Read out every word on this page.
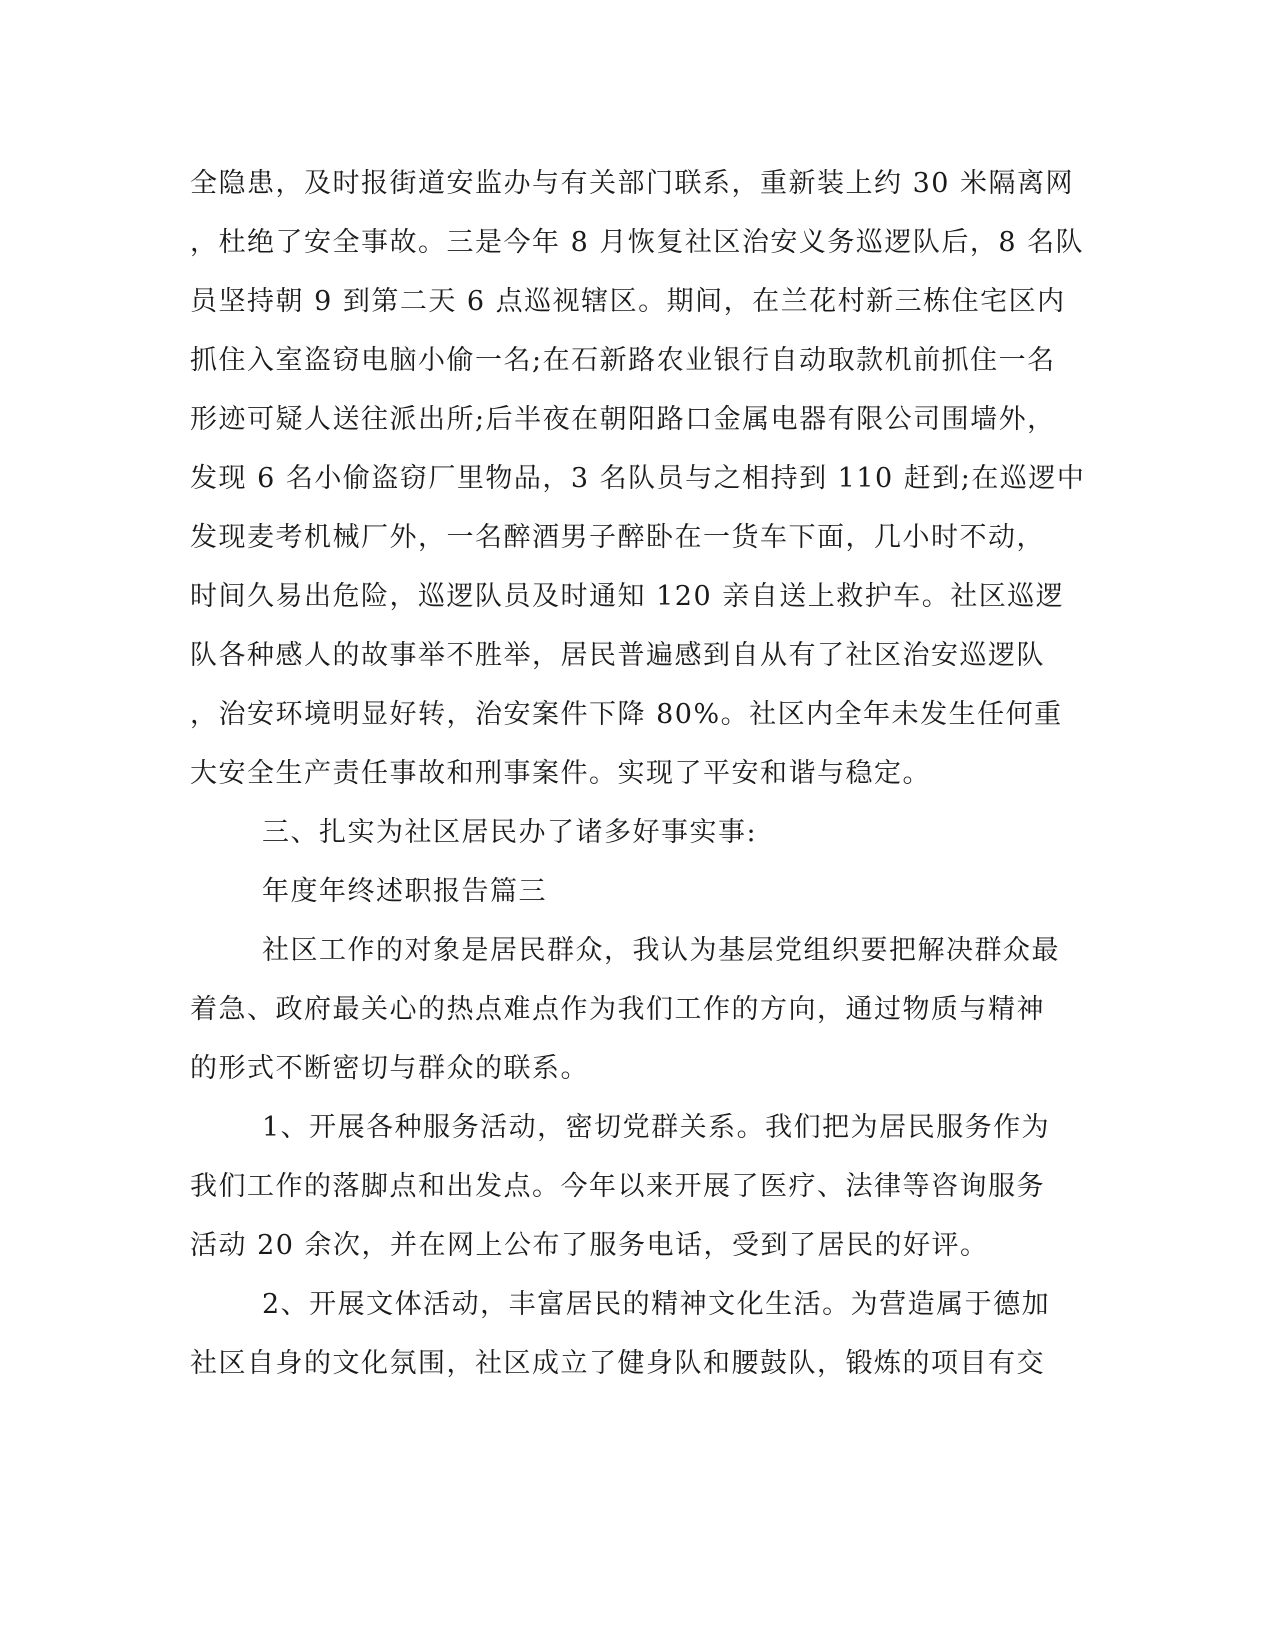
全隐患，及时报街道安监办与有关部门联系，重新装上约 30 米隔离网
，杜绝了安全事故。三是今年 8 月恢复社区治安义务巡逻队后，8 名队
员坚持朝 9 到第二天 6 点巡视辖区。期间，在兰花村新三栋住宅区内
抓住入室盗窃电脑小偷一名;在石新路农业银行自动取款机前抓住一名
形迹可疑人送往派出所;后半夜在朝阳路口金属电器有限公司围墙外，
发现 6 名小偷盗窃厂里物品，3 名队员与之相持到 110 赶到;在巡逻中
发现麦考机械厂外，一名醉酒男子醉卧在一货车下面，几小时不动，
时间久易出危险，巡逻队员及时通知 120 亲自送上救护车。社区巡逻
队各种感人的故事举不胜举，居民普遍感到自从有了社区治安巡逻队
，治安环境明显好转，治安案件下降 80%。社区内全年未发生任何重
大安全生产责任事故和刑事案件。实现了平安和谐与稳定。
三、扎实为社区居民办了诸多好事实事:
年度年终述职报告篇三
社区工作的对象是居民群众，我认为基层党组织要把解决群众最
着急、政府最关心的热点难点作为我们工作的方向，通过物质与精神
的形式不断密切与群众的联系。
1、开展各种服务活动，密切党群关系。我们把为居民服务作为
我们工作的落脚点和出发点。今年以来开展了医疗、法律等咨询服务
活动 20 余次，并在网上公布了服务电话，受到了居民的好评。
2、开展文体活动，丰富居民的精神文化生活。为营造属于德加
社区自身的文化氛围，社区成立了健身队和腰鼓队，锻炼的项目有交
